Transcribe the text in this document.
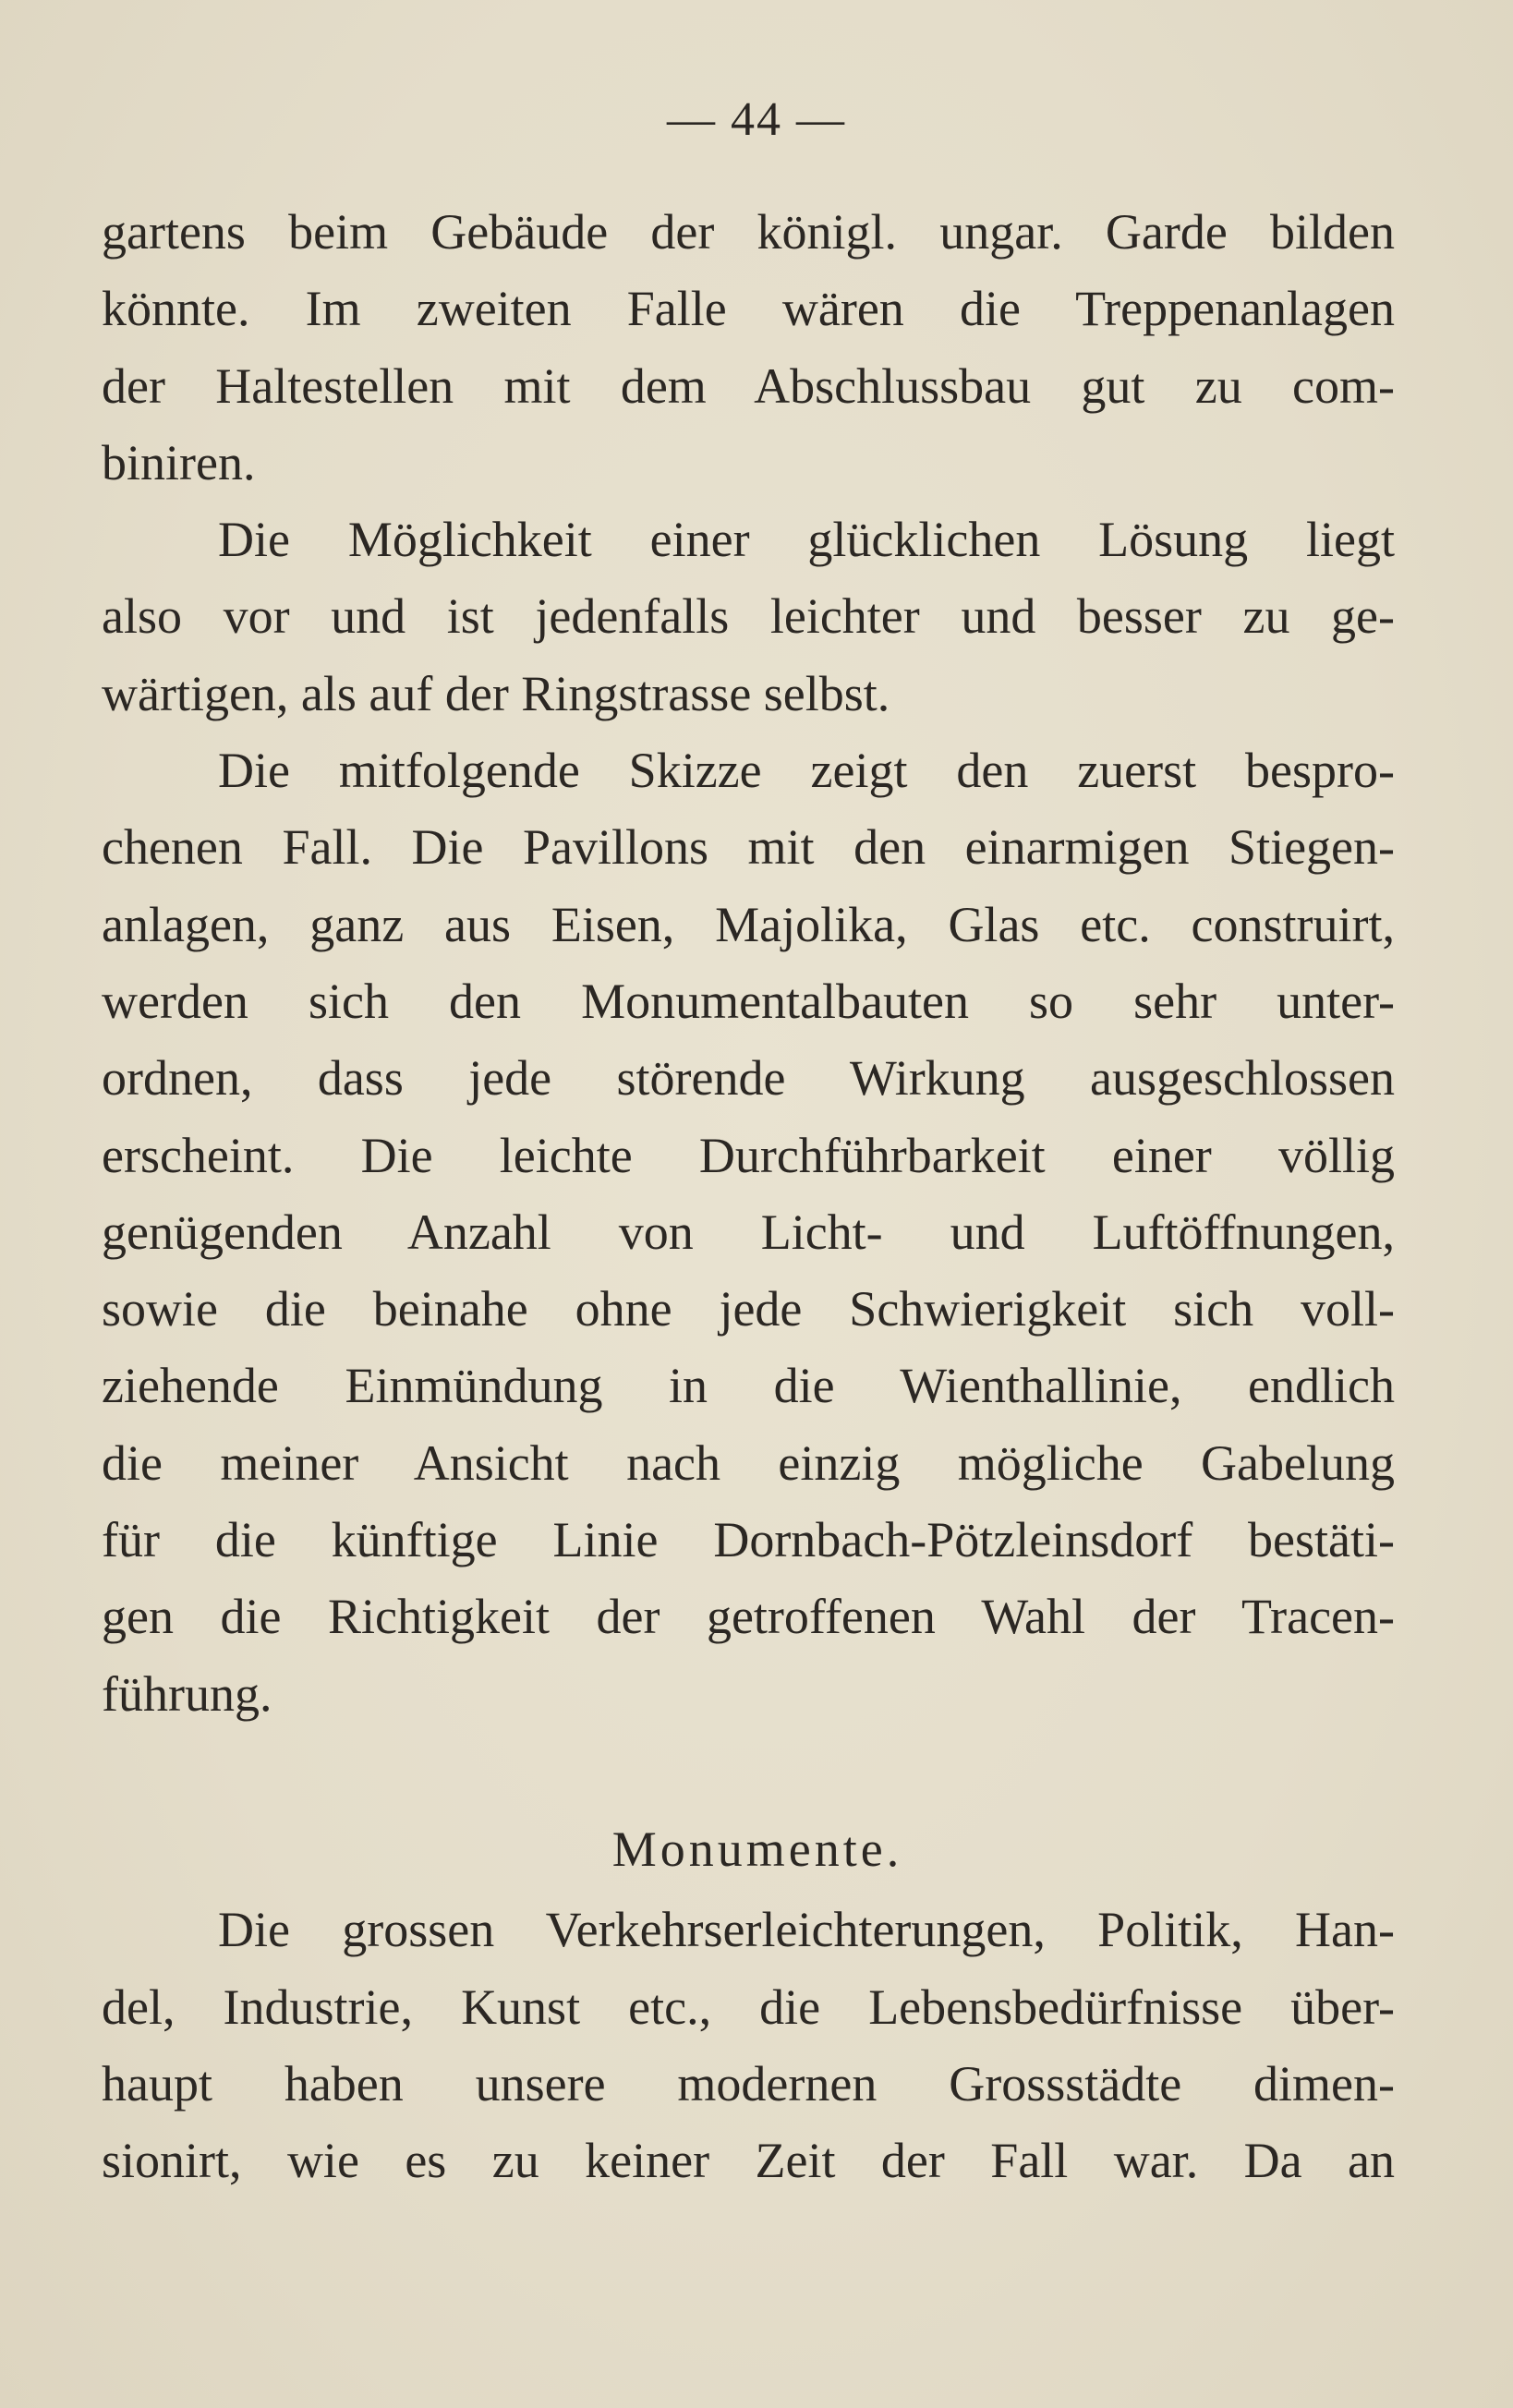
— 44 —
gartens beim Gebäude der königl. ungar. Garde bilden
könnte. Im zweiten Falle wären die Treppenanlagen
der Haltestellen mit dem Abschlussbau gut zu com-
biniren.
Die Möglichkeit einer glücklichen Lösung liegt
also vor und ist jedenfalls leichter und besser zu ge-
wärtigen, als auf der Ringstrasse selbst.
Die mitfolgende Skizze zeigt den zuerst bespro-
chenen Fall. Die Pavillons mit den einarmigen Stiegen-
anlagen, ganz aus Eisen, Majolika, Glas etc. construirt,
werden sich den Monumentalbauten so sehr unter-
ordnen, dass jede störende Wirkung ausgeschlossen
erscheint. Die leichte Durchführbarkeit einer völlig
genügenden Anzahl von Licht- und Luftöffnungen,
sowie die beinahe ohne jede Schwierigkeit sich voll-
ziehende Einmündung in die Wienthallinie, endlich
die meiner Ansicht nach einzig mögliche Gabelung
für die künftige Linie Dornbach-Pötzleinsdorf bestäti-
gen die Richtigkeit der getroffenen Wahl der Tracen-
führung.
Monumente.
Die grossen Verkehrserleichterungen, Politik, Han-
del, Industrie, Kunst etc., die Lebensbedürfnisse über-
haupt haben unsere modernen Grossstädte dimen-
sionirt, wie es zu keiner Zeit der Fall war. Da an
